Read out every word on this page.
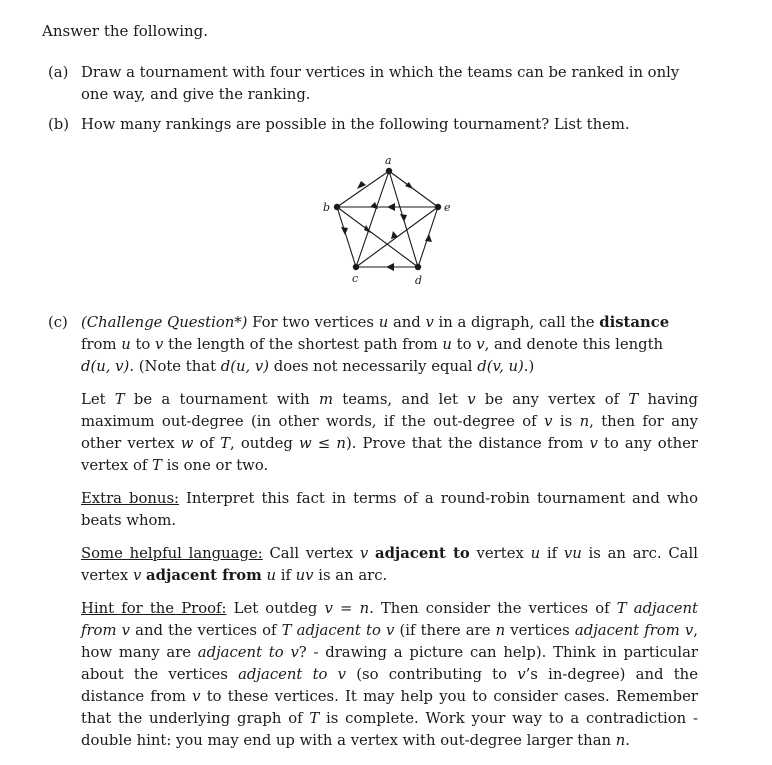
Answer the following.
(a) Draw a tournament with four vertices in which the teams can be ranked in only
one way, and give the ranking.
(b) How many rankings are possible in the following tournament? List them.
a
b
c	d
e
(c) (Challenge Question*) For two vertices u and v in a digraph, call the distance
from u to v the length of the shortest path from u to v, and denote this length
d(u, v). (Note that d(u, v) does not necessarily equal d(v, u).)
Let T be a tournament with m teams, and let v be any vertex of T having maximum out-degree (in other words, if the out-degree of v is n, then for any other vertex w of T, outdeg w ≤ n). Prove that the distance from v to any other vertex of T is one or two.
Extra bonus: Interpret this fact in terms of a round-robin tournament and who beats whom.
Some helpful language: Call vertex v adjacent to vertex u if vu is an arc. Call vertex v adjacent from u if uv is an arc.
Hint for the Proof: Let outdeg v = n. Then consider the vertices of T adjacent from v and the vertices of T adjacent to v (if there are n vertices adjacent from v, how many are adjacent to v? - drawing a picture can help). Think in particular about the vertices adjacent to v (so contributing to v’s in-degree) and the distance from v to these vertices. It may help you to consider cases. Remember that the underlying graph of T is complete. Work your way to a contradiction - double hint: you may end up with a vertex with out-degree larger than n.
